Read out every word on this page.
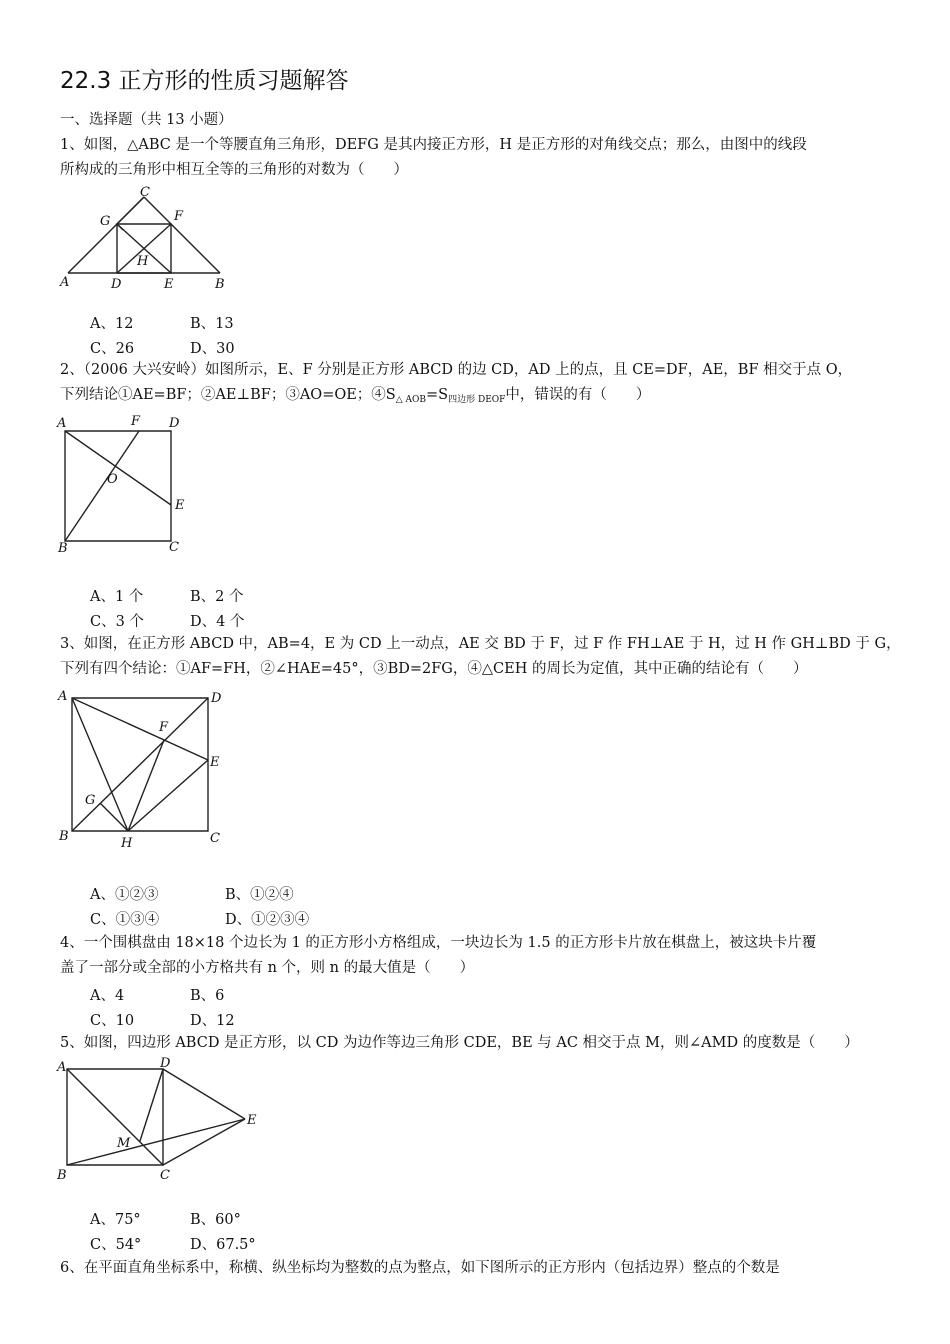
22.3 正方形的性质习题解答
一、选择题（共 13 小题）
1、如图，△ABC 是一个等腰直角三角形，DEFG 是其内接正方形，H 是正方形的对角线交点；那么，由图中的线段
所构成的三角形中相互全等的三角形的对数为（　　）
C
G	F
H
A	D	E	B
A、12	B、13
C、26	D、30
2、（2006 大兴安岭）如图所示，E、F 分别是正方形 ABCD 的边 CD，AD 上的点，且 CE=DF，AE，BF 相交于点 O，
下列结论①AE=BF；②AE⊥BF；③AO=OE；$④S_{\triangle AOB}=S_{四边形 DEOF}$中，错误的有（　　）
A	F D
O
E
B	C
A、1 个	B、2 个
C、3 个	D、4 个
3、如图，在正方形 ABCD 中，AB=4，E 为 CD 上一动点，AE 交 BD 于 F，过 F 作 FH⊥AE 于 H，过 H 作 GH⊥BD 于 G，
下列有四个结论：①AF=FH，②∠HAE=45°，③BD=2FG，④△CEH 的周长为定值，其中正确的结论有（　　）
A	D
F
E
G
B	H	C
A、①②③	B、①②④
C、①③④	D、①②③④
4、一个围棋盘由 18×18 个边长为 1 的正方形小方格组成，一块边长为 1.5 的正方形卡片放在棋盘上，被这块卡片覆
盖了一部分或全部的小方格共有 n 个，则 n 的最大值是（　　）
A、4	B、6
C、10	D、12
5、如图，四边形 ABCD 是正方形，以 CD 为边作等边三角形 CDE，BE 与 AC 相交于点 M，则∠AMD 的度数是（　　）
A	D
E
M
B	C
A、75°	B、60°
C、54°	D、67.5°
6、在平面直角坐标系中，称横、纵坐标均为整数的点为整点，如下图所示的正方形内（包括边界）整点的个数是
